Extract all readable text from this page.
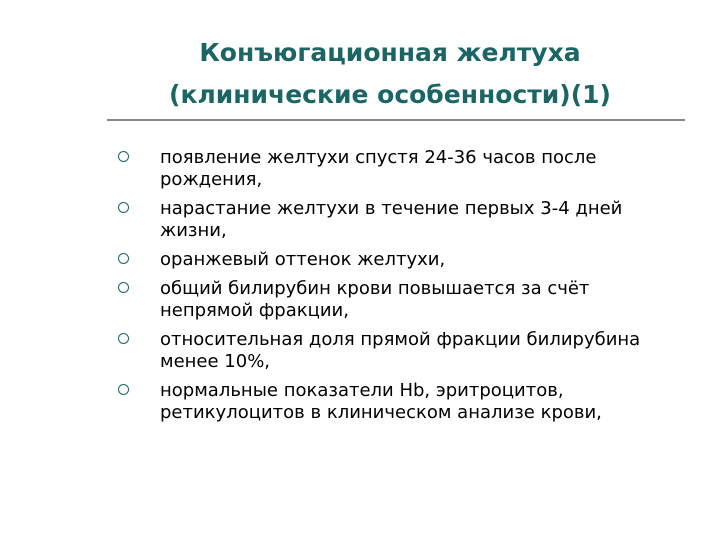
Конъюгационная желтуха
(клинические особенности)(1)
появление желтухи спустя 24-36 часов после рождения,
нарастание желтухи в течение первых 3-4 дней жизни,
оранжевый оттенок желтухи,
общий билирубин крови повышается за счёт непрямой фракции,
относительная доля прямой фракции билирубина менее 10%,
нормальные показатели Hb, эритроцитов, ретикулоцитов в клиническом анализе крови,
